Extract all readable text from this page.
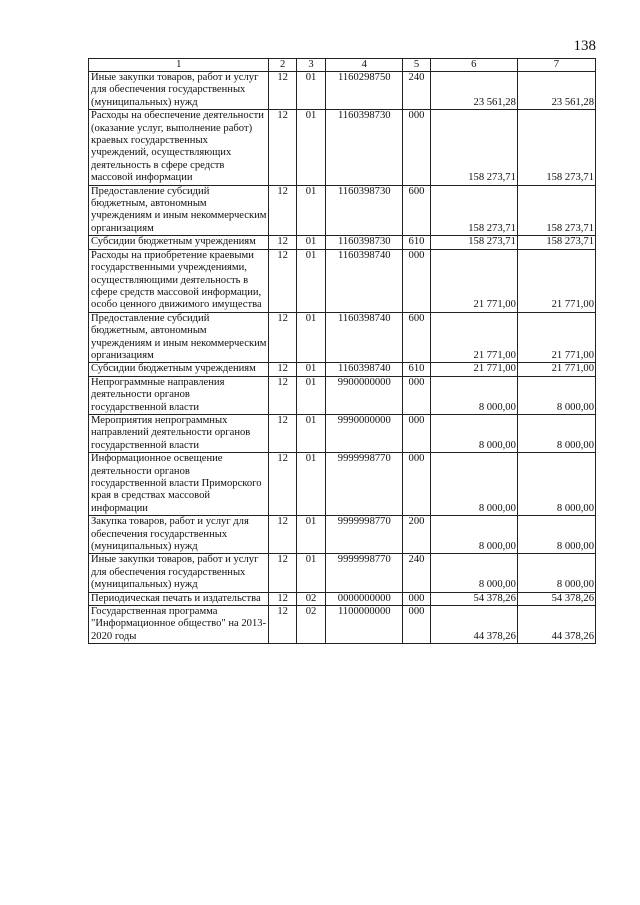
138
1	2	3	4	5	6	7
Иные закупки товаров, работ и услуг для обеспечения государственных (муниципальных) нужд	12	01	1160298750	240	23 561,28	23 561,28
Расходы на обеспечение деятельности (оказание услуг, выполнение работ) краевых государственных учреждений, осуществляющих деятельность в сфере средств массовой информации	12	01	1160398730	000	158 273,71	158 273,71
Предоставление субсидий бюджетным, автономным учреждениям и иным некоммерческим организациям	12	01	1160398730	600	158 273,71	158 273,71
Субсидии бюджетным учреждениям	12	01	1160398730	610	158 273,71	158 273,71
Расходы на приобретение краевыми государственными учреждениями, осуществляющими деятельность в сфере средств массовой информации, особо ценного движимого имущества	12	01	1160398740	000	21 771,00	21 771,00
Предоставление субсидий бюджетным, автономным учреждениям и иным некоммерческим организациям	12	01	1160398740	600	21 771,00	21 771,00
Субсидии бюджетным учреждениям	12	01	1160398740	610	21 771,00	21 771,00
Непрограммные направления деятельности органов государственной власти	12	01	9900000000	000	8 000,00	8 000,00
Мероприятия непрограммных направлений деятельности органов государственной власти	12	01	9990000000	000	8 000,00	8 000,00
Информационное освещение деятельности органов государственной власти Приморского края в средствах массовой информации	12	01	9999998770	000	8 000,00	8 000,00
Закупка товаров, работ и услуг для обеспечения государственных (муниципальных) нужд	12	01	9999998770	200	8 000,00	8 000,00
Иные закупки товаров, работ и услуг для обеспечения государственных (муниципальных) нужд	12	01	9999998770	240	8 000,00	8 000,00
Периодическая печать и издательства	12	02	0000000000	000	54 378,26	54 378,26
Государственная программа "Информационное общество" на 2013-2020 годы	12	02	1100000000	000	44 378,26	44 378,26
